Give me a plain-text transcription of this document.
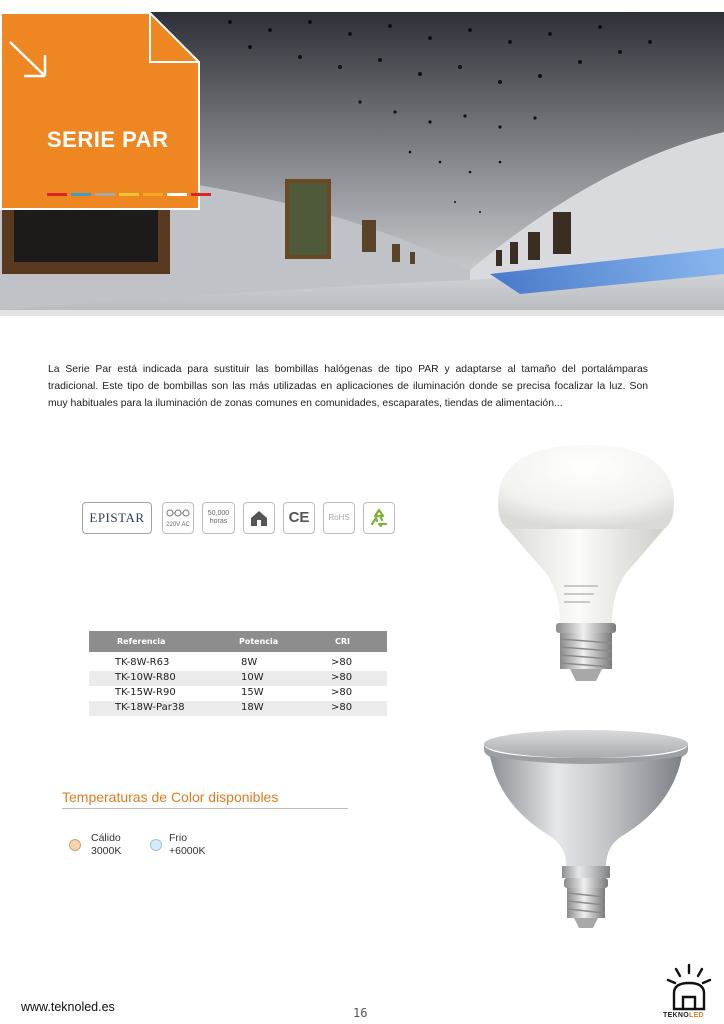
SERIE PAR

La Serie Par está indicada para sustituir las bombillas halógenas de tipo PAR y adaptarse al tamaño del portalámparas tradicional. Este tipo de bombillas son las más utilizadas en aplicaciones de iluminación donde se precisa focalizar la luz. Son muy habituales para la iluminación de zonas comunes en comunidades, escaparates, tiendas de alimentación...

EPISTAR	220V AC
50,000
horas	CE	RoHS
Referencia	Potencia	CRI
TK-8W-R63	8W	>80
TK-10W-R80	10W	>80
TK-15W-R90	15W	>80
TK-18W-Par38	18W	>80
Temperaturas de Color disponibles
Cálido
3000K
Frio
+6000K
www.teknoled.es	16	TEKNOLED
